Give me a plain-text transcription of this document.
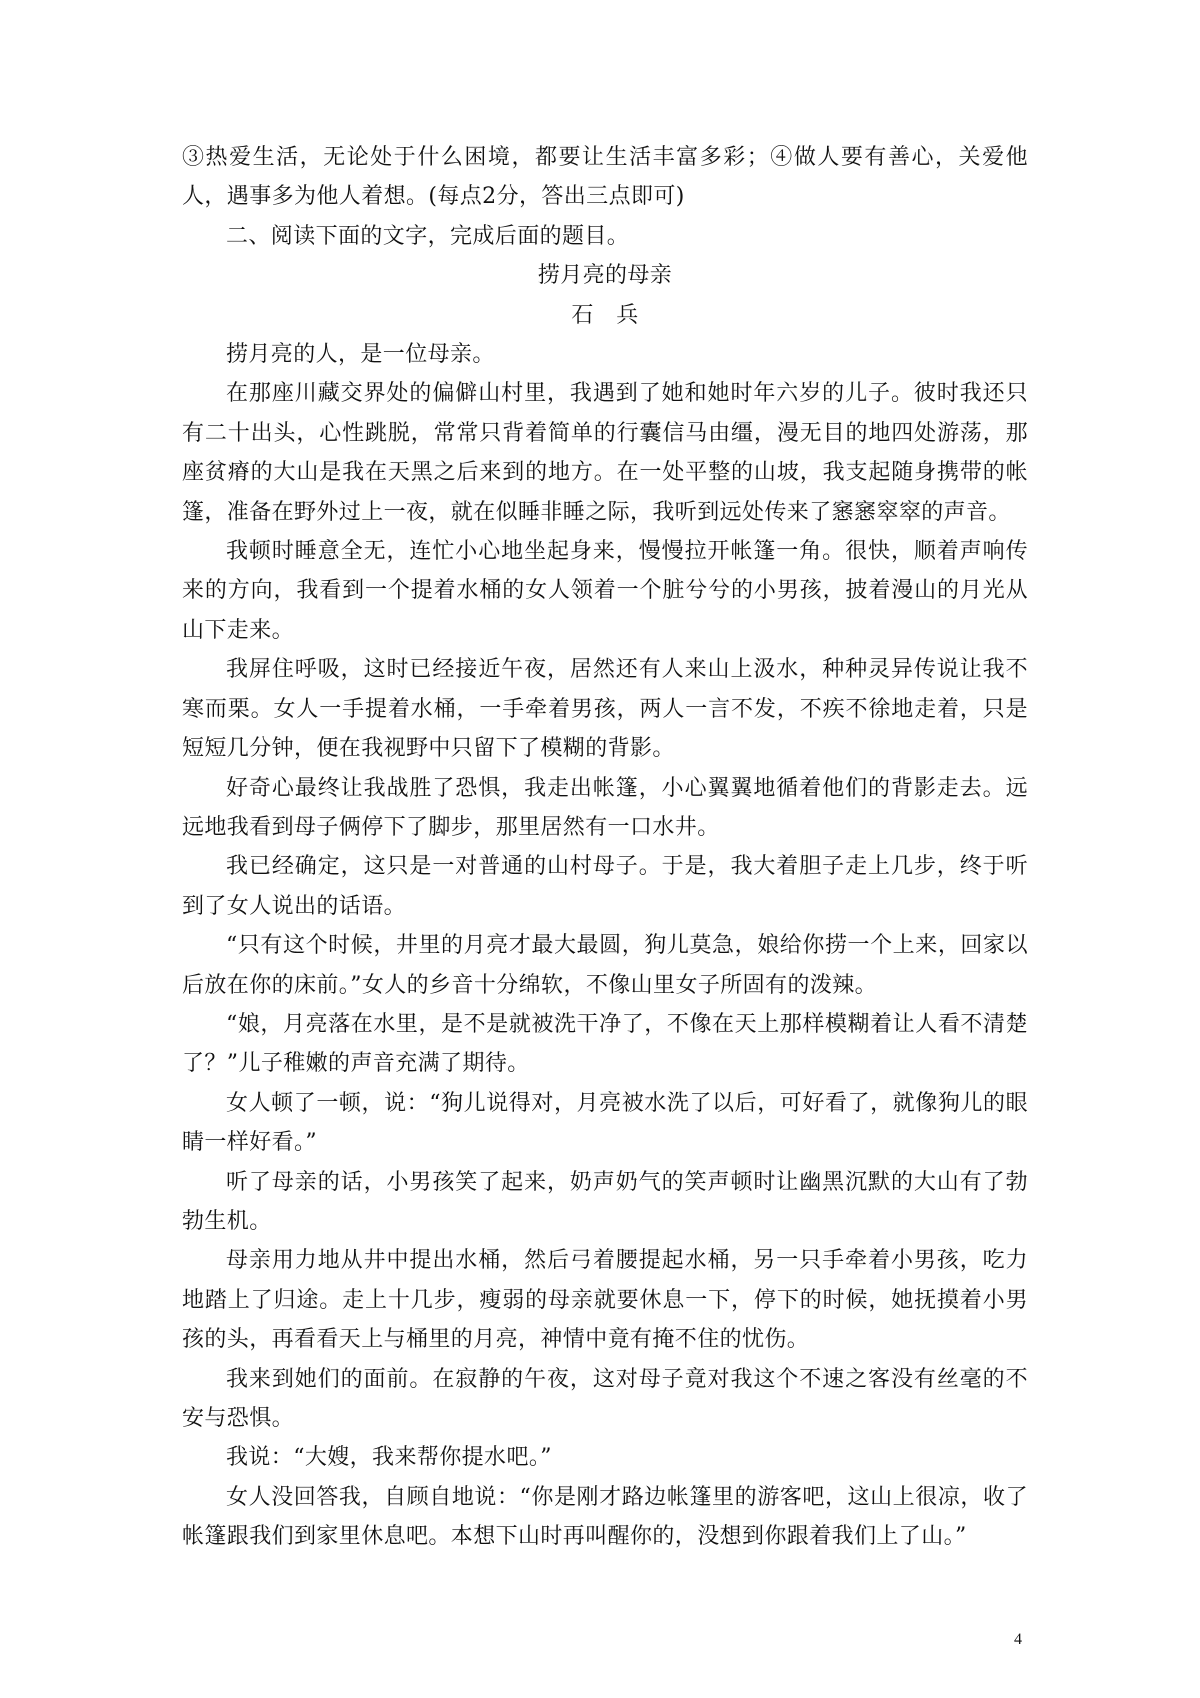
③热爱生活，无论处于什么困境，都要让生活丰富多彩；④做人要有善心，关爱他人，遇事多为他人着想。(每点2分，答出三点即可)

二、阅读下面的文字，完成后面的题目。

捞月亮的母亲

石　兵

捞月亮的人，是一位母亲。

在那座川藏交界处的偏僻山村里，我遇到了她和她时年六岁的儿子。彼时我还只有二十出头，心性跳脱，常常只背着简单的行囊信马由缰，漫无目的地四处游荡，那座贫瘠的大山是我在天黑之后来到的地方。在一处平整的山坡，我支起随身携带的帐篷，准备在野外过上一夜，就在似睡非睡之际，我听到远处传来了窸窸窣窣的声音。

我顿时睡意全无，连忙小心地坐起身来，慢慢拉开帐篷一角。很快，顺着声响传来的方向，我看到一个提着水桶的女人领着一个脏兮兮的小男孩，披着漫山的月光从山下走来。

我屏住呼吸，这时已经接近午夜，居然还有人来山上汲水，种种灵异传说让我不寒而栗。女人一手提着水桶，一手牵着男孩，两人一言不发，不疾不徐地走着，只是短短几分钟，便在我视野中只留下了模糊的背影。

好奇心最终让我战胜了恐惧，我走出帐篷，小心翼翼地循着他们的背影走去。远远地我看到母子俩停下了脚步，那里居然有一口水井。

我已经确定，这只是一对普通的山村母子。于是，我大着胆子走上几步，终于听到了女人说出的话语。

“只有这个时候，井里的月亮才最大最圆，狗儿莫急，娘给你捞一个上来，回家以后放在你的床前。”女人的乡音十分绵软，不像山里女子所固有的泼辣。

“娘，月亮落在水里，是不是就被洗干净了，不像在天上那样模糊着让人看不清楚了？”儿子稚嫩的声音充满了期待。

女人顿了一顿，说：“狗儿说得对，月亮被水洗了以后，可好看了，就像狗儿的眼睛一样好看。”

听了母亲的话，小男孩笑了起来，奶声奶气的笑声顿时让幽黑沉默的大山有了勃勃生机。

母亲用力地从井中提出水桶，然后弓着腰提起水桶，另一只手牵着小男孩，吃力地踏上了归途。走上十几步，瘦弱的母亲就要休息一下，停下的时候，她抚摸着小男孩的头，再看看天上与桶里的月亮，神情中竟有掩不住的忧伤。

我来到她们的面前。在寂静的午夜，这对母子竟对我这个不速之客没有丝毫的不安与恐惧。

我说：“大嫂，我来帮你提水吧。”

女人没回答我，自顾自地说：“你是刚才路边帐篷里的游客吧，这山上很凉，收了帐篷跟我们到家里休息吧。本想下山时再叫醒你的，没想到你跟着我们上了山。”

4
